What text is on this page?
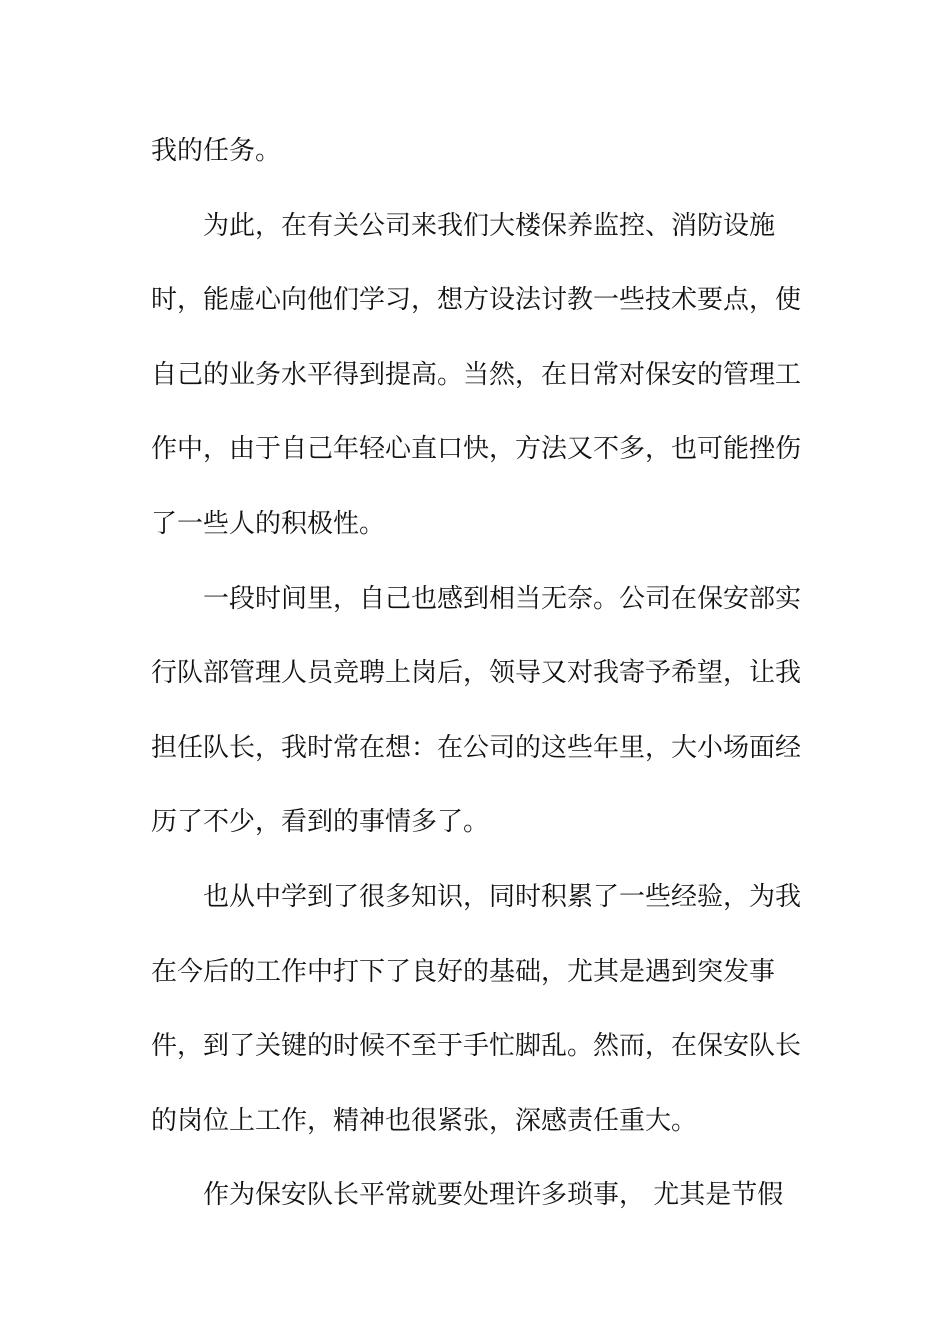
我的任务。
为此，在有关公司来我们大楼保养监控、消防设施
时，能虚心向他们学习，想方设法讨教一些技术要点，使
自己的业务水平得到提高。当然，在日常对保安的管理工
作中，由于自己年轻心直口快，方法又不多，也可能挫伤
了一些人的积极性。
一段时间里，自己也感到相当无奈。公司在保安部实
行队部管理人员竞聘上岗后，领导又对我寄予希望，让我
担任队长，我时常在想：在公司的这些年里，大小场面经
历了不少，看到的事情多了。
也从中学到了很多知识，同时积累了一些经验，为我
在今后的工作中打下了良好的基础，尤其是遇到突发事
件，到了关键的时候不至于手忙脚乱。然而，在保安队长
的岗位上工作，精神也很紧张，深感责任重大。
作为保安队长平常就要处理许多琐事， 尤其是节假
